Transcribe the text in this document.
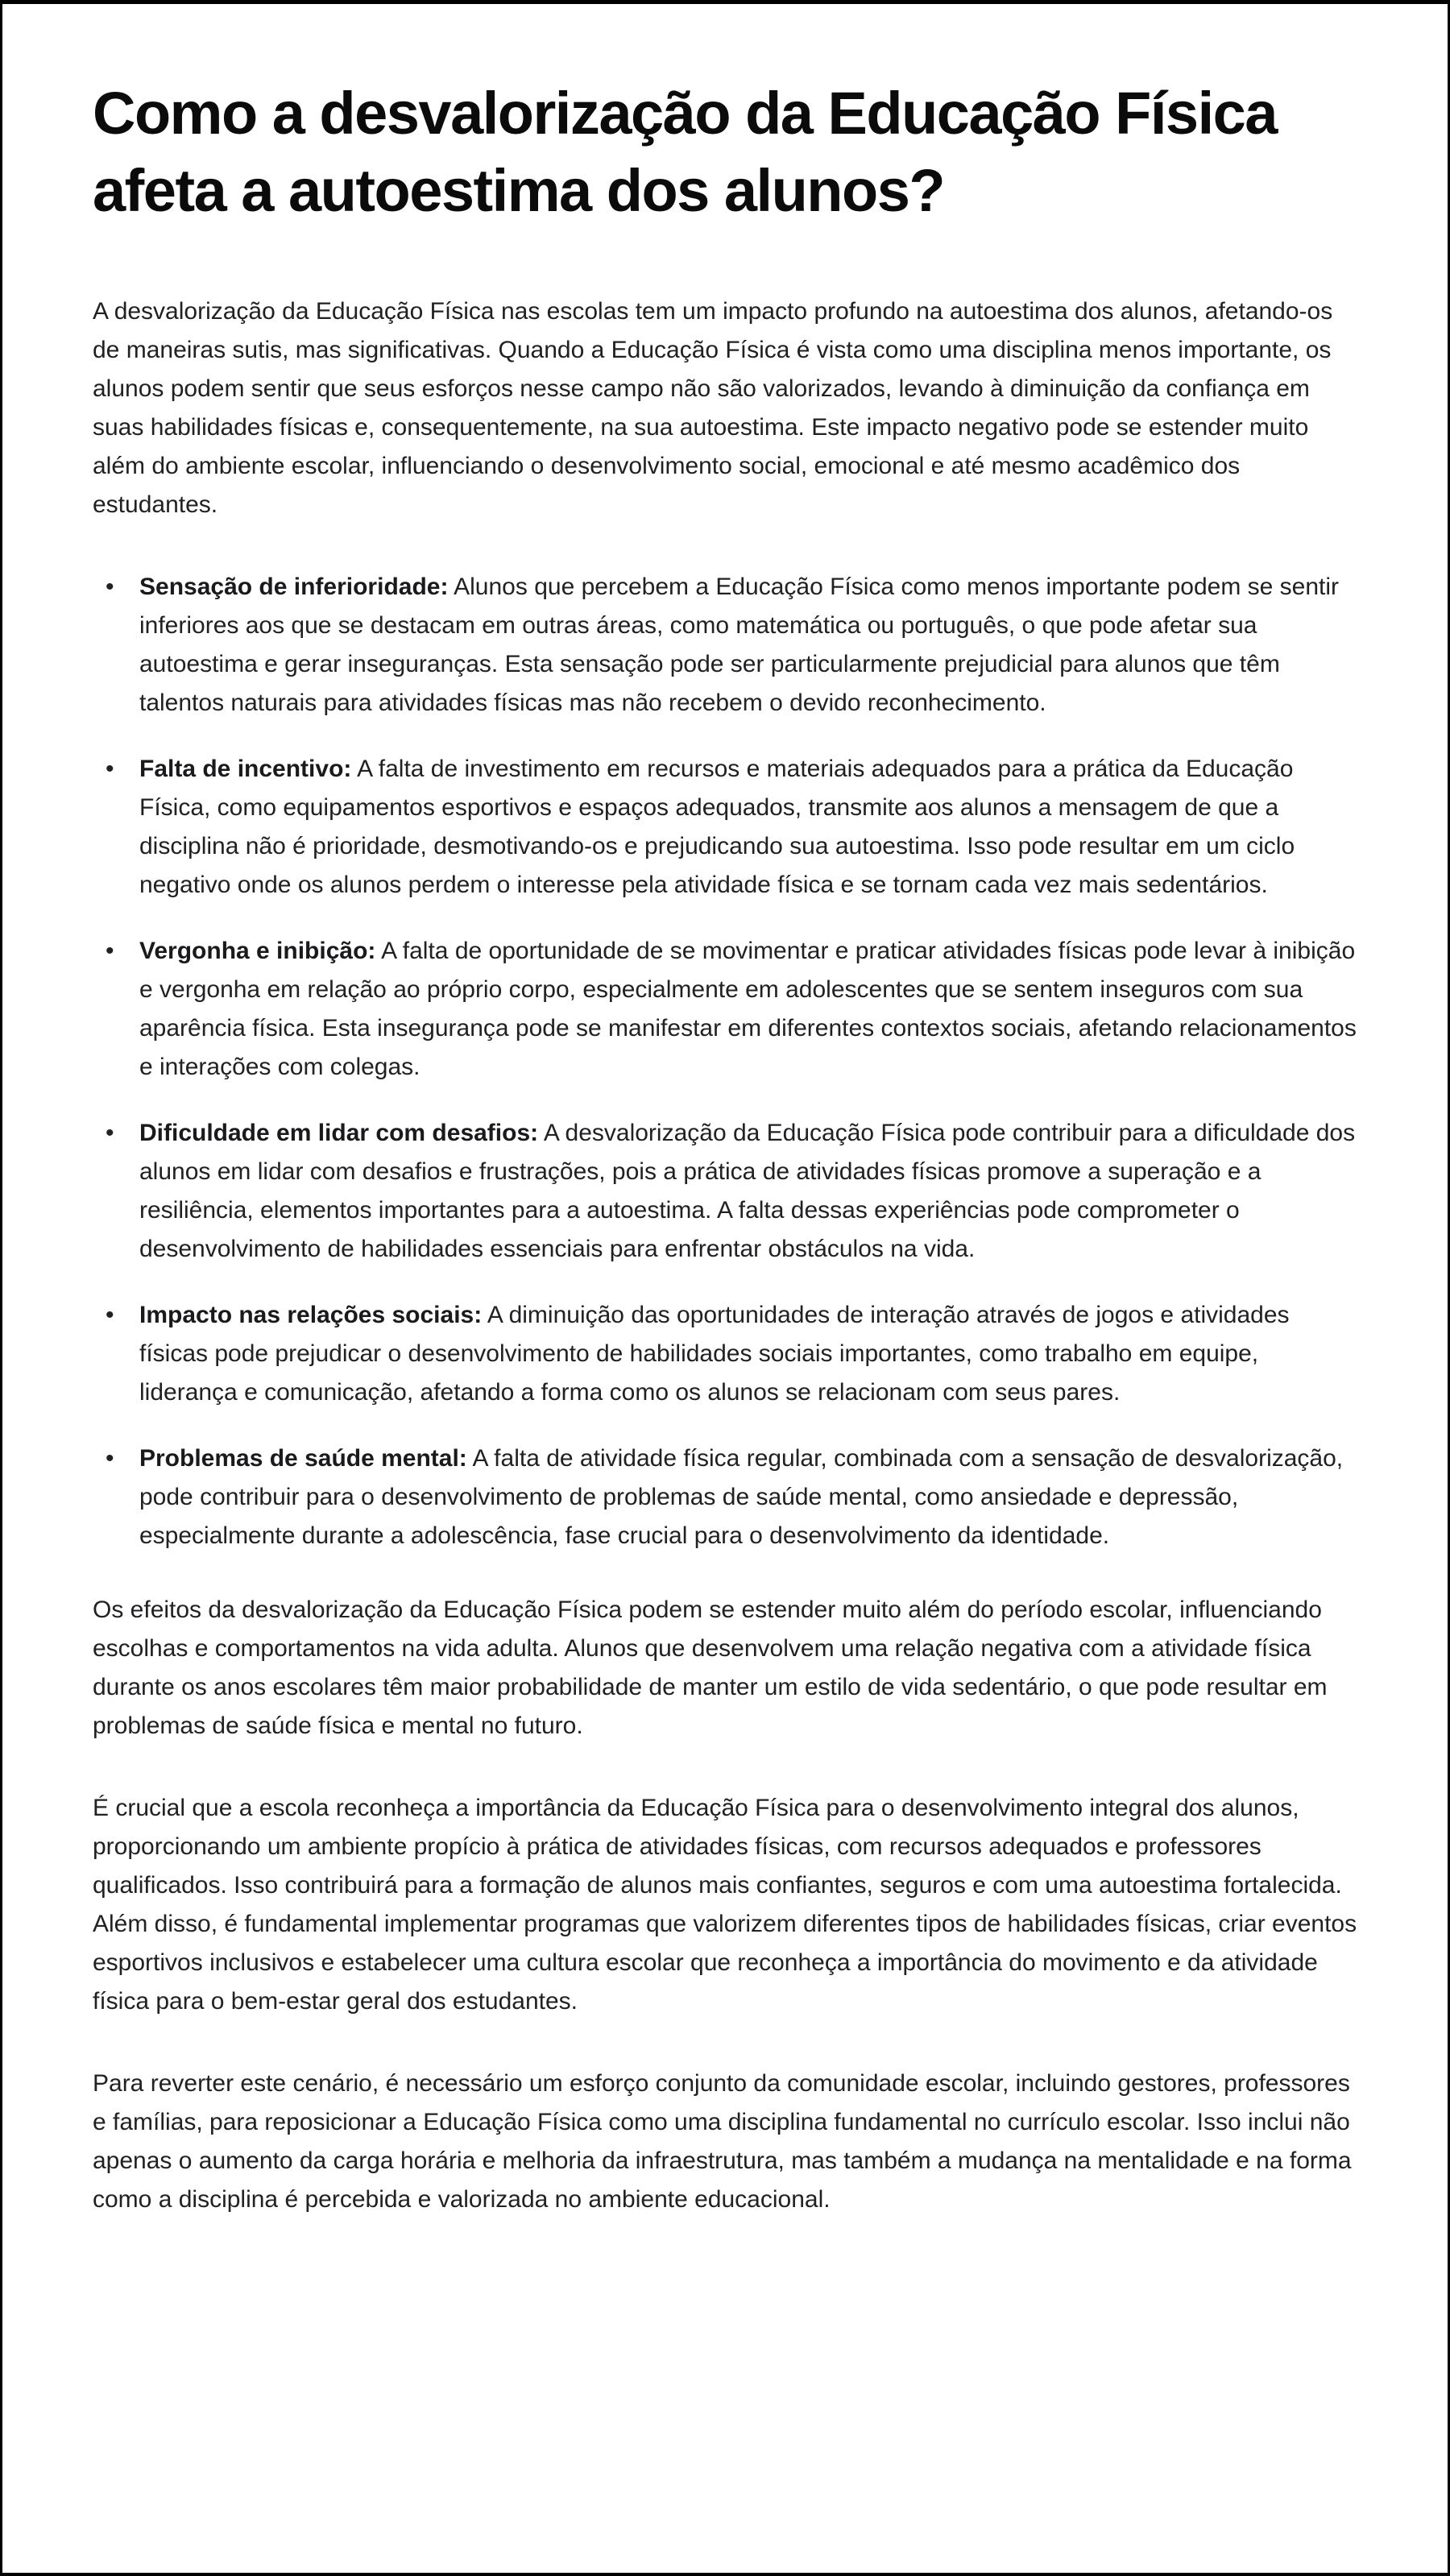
Como a desvalorização da Educação Física afeta a autoestima dos alunos?

A desvalorização da Educação Física nas escolas tem um impacto profundo na autoestima dos alunos, afetando-os de maneiras sutis, mas significativas. Quando a Educação Física é vista como uma disciplina menos importante, os alunos podem sentir que seus esforços nesse campo não são valorizados, levando à diminuição da confiança em suas habilidades físicas e, consequentemente, na sua autoestima. Este impacto negativo pode se estender muito além do ambiente escolar, influenciando o desenvolvimento social, emocional e até mesmo acadêmico dos estudantes.

• Sensação de inferioridade: Alunos que percebem a Educação Física como menos importante podem se sentir inferiores aos que se destacam em outras áreas, como matemática ou português, o que pode afetar sua autoestima e gerar inseguranças. Esta sensação pode ser particularmente prejudicial para alunos que têm talentos naturais para atividades físicas mas não recebem o devido reconhecimento.
• Falta de incentivo: A falta de investimento em recursos e materiais adequados para a prática da Educação Física, como equipamentos esportivos e espaços adequados, transmite aos alunos a mensagem de que a disciplina não é prioridade, desmotivando-os e prejudicando sua autoestima. Isso pode resultar em um ciclo negativo onde os alunos perdem o interesse pela atividade física e se tornam cada vez mais sedentários.
• Vergonha e inibição: A falta de oportunidade de se movimentar e praticar atividades físicas pode levar à inibição e vergonha em relação ao próprio corpo, especialmente em adolescentes que se sentem inseguros com sua aparência física. Esta insegurança pode se manifestar em diferentes contextos sociais, afetando relacionamentos e interações com colegas.
• Dificuldade em lidar com desafios: A desvalorização da Educação Física pode contribuir para a dificuldade dos alunos em lidar com desafios e frustrações, pois a prática de atividades físicas promove a superação e a resiliência, elementos importantes para a autoestima. A falta dessas experiências pode comprometer o desenvolvimento de habilidades essenciais para enfrentar obstáculos na vida.
• Impacto nas relações sociais: A diminuição das oportunidades de interação através de jogos e atividades físicas pode prejudicar o desenvolvimento de habilidades sociais importantes, como trabalho em equipe, liderança e comunicação, afetando a forma como os alunos se relacionam com seus pares.
• Problemas de saúde mental: A falta de atividade física regular, combinada com a sensação de desvalorização, pode contribuir para o desenvolvimento de problemas de saúde mental, como ansiedade e depressão, especialmente durante a adolescência, fase crucial para o desenvolvimento da identidade.

Os efeitos da desvalorização da Educação Física podem se estender muito além do período escolar, influenciando escolhas e comportamentos na vida adulta. Alunos que desenvolvem uma relação negativa com a atividade física durante os anos escolares têm maior probabilidade de manter um estilo de vida sedentário, o que pode resultar em problemas de saúde física e mental no futuro.

É crucial que a escola reconheça a importância da Educação Física para o desenvolvimento integral dos alunos, proporcionando um ambiente propício à prática de atividades físicas, com recursos adequados e professores qualificados. Isso contribuirá para a formação de alunos mais confiantes, seguros e com uma autoestima fortalecida. Além disso, é fundamental implementar programas que valorizem diferentes tipos de habilidades físicas, criar eventos esportivos inclusivos e estabelecer uma cultura escolar que reconheça a importância do movimento e da atividade física para o bem-estar geral dos estudantes.

Para reverter este cenário, é necessário um esforço conjunto da comunidade escolar, incluindo gestores, professores e famílias, para reposicionar a Educação Física como uma disciplina fundamental no currículo escolar. Isso inclui não apenas o aumento da carga horária e melhoria da infraestrutura, mas também a mudança na mentalidade e na forma como a disciplina é percebida e valorizada no ambiente educacional.
